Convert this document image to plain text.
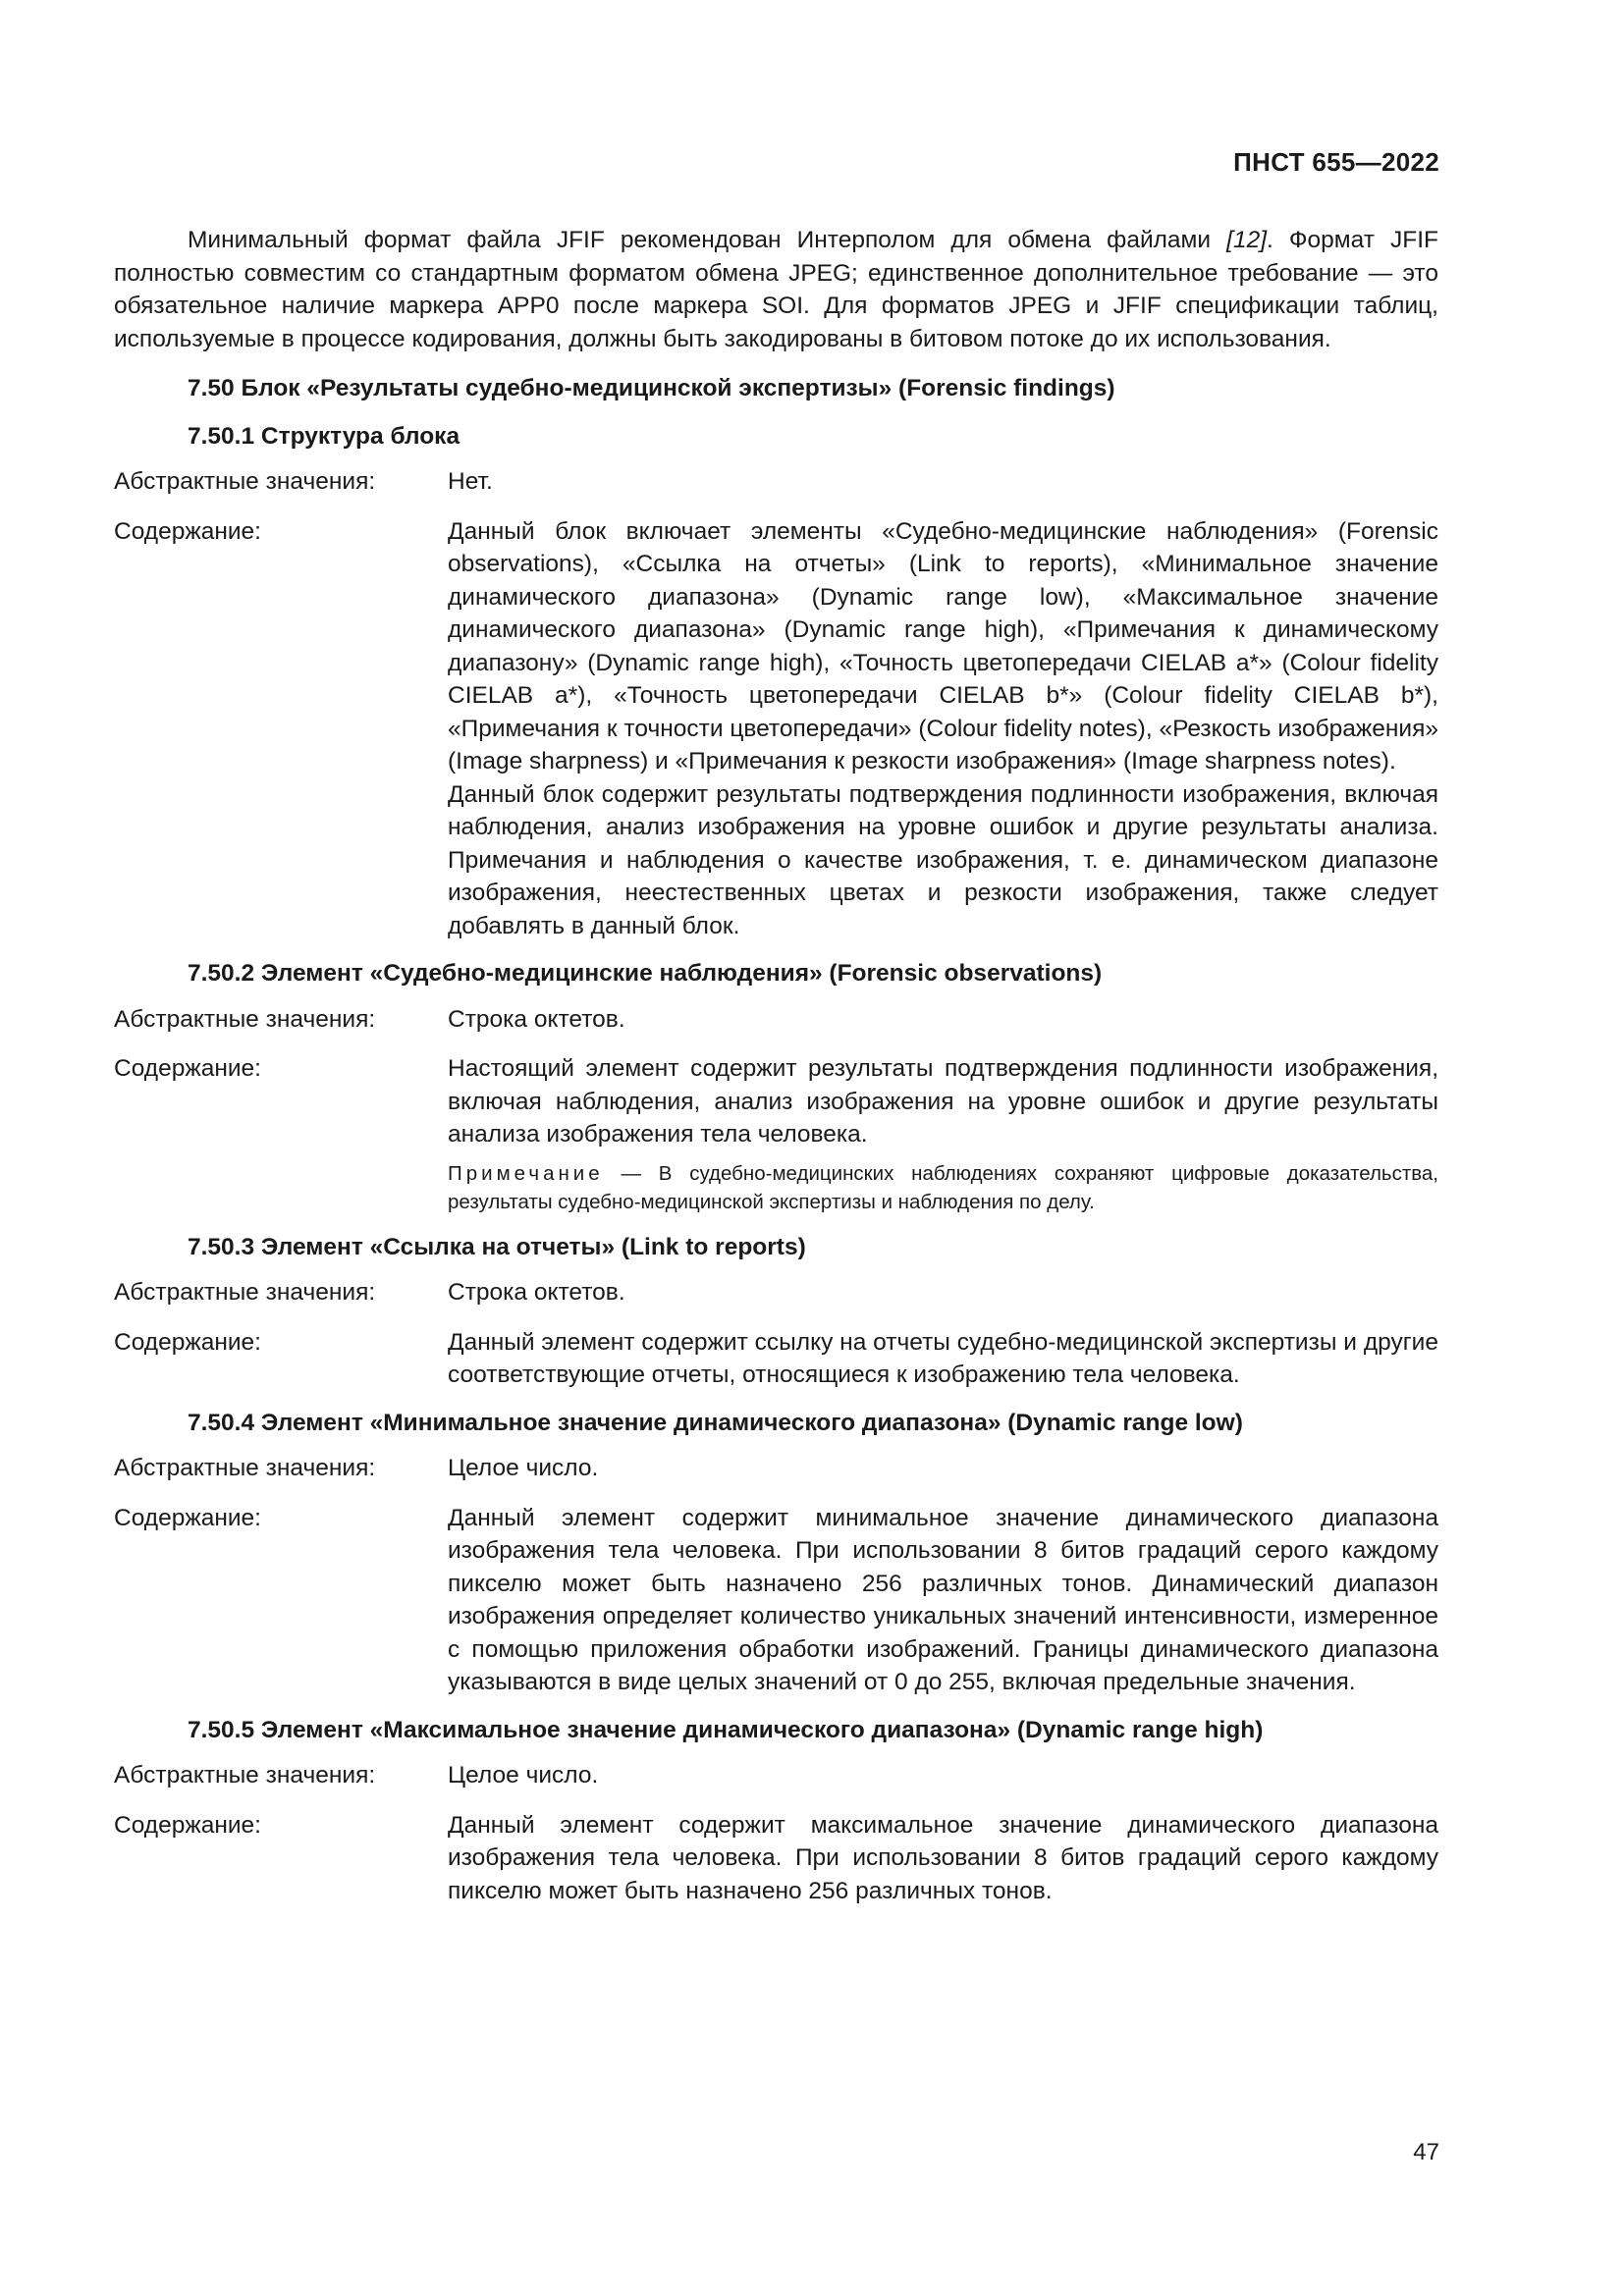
ПНСТ 655—2022

Минимальный формат файла JFIF рекомендован Интерполом для обмена файлами [12]. Формат JFIF полностью совместим со стандартным форматом обмена JPEG; единственное дополнительное требование — это обязательное наличие маркера APP0 после маркера SOI. Для форматов JPEG и JFIF спецификации таблиц, используемые в процессе кодирования, должны быть закодированы в битовом потоке до их использования.

7.50 Блок «Результаты судебно-медицинской экспертизы» (Forensic findings)

7.50.1 Структура блока

Абстрактные значения:	Нет.
Содержание:	Данный блок включает элементы «Судебно-медицинские наблюдения» (Forensic observations), «Ссылка на отчеты» (Link to reports), «Минимальное значение динамического диапазона» (Dynamic range low), «Максимальное значение динамического диапазона» (Dynamic range high), «Примечания к динамическому диапазону» (Dynamic range high), «Точность цветопередачи CIELAB a*» (Colour fidelity CIELAB a*), «Точность цветопередачи CIELAB b*» (Colour fidelity CIELAB b*), «Примечания к точности цветопередачи» (Colour fidelity notes), «Резкость изображения» (Image sharpness) и «Примечания к резкости изображения» (Image sharpness notes).

Данный блок содержит результаты подтверждения подлинности изображения, включая наблюдения, анализ изображения на уровне ошибок и другие результаты анализа. Примечания и наблюдения о качестве изображения, т. е. динамическом диапазоне изображения, неестественных цветах и резкости изображения, также следует добавлять в данный блок.

7.50.2 Элемент «Судебно-медицинские наблюдения» (Forensic observations)

Абстрактные значения:	Строка октетов.
Содержание:	Настоящий элемент содержит результаты подтверждения подлинности изображения, включая наблюдения, анализ изображения на уровне ошибок и другие результаты анализа изображения тела человека.

Примечание — В судебно-медицинских наблюдениях сохраняют цифровые доказательства, результаты судебно-медицинской экспертизы и наблюдения по делу.

7.50.3 Элемент «Ссылка на отчеты» (Link to reports)

Абстрактные значения:	Строка октетов.
Содержание:	Данный элемент содержит ссылку на отчеты судебно-медицинской экспертизы и другие соответствующие отчеты, относящиеся к изображению тела человека.

7.50.4 Элемент «Минимальное значение динамического диапазона» (Dynamic range low)

Абстрактные значения:	Целое число.
Содержание:	Данный элемент содержит минимальное значение динамического диапазона изображения тела человека. При использовании 8 битов градаций серого каждому пикселю может быть назначено 256 различных тонов. Динамический диапазон изображения определяет количество уникальных значений интенсивности, измеренное с помощью приложения обработки изображений. Границы динамического диапазона указываются в виде целых значений от 0 до 255, включая предельные значения.

7.50.5 Элемент «Максимальное значение динамического диапазона» (Dynamic range high)

Абстрактные значения:	Целое число.
Содержание:	Данный элемент содержит максимальное значение динамического диапазона изображения тела человека. При использовании 8 битов градаций серого каждому пикселю может быть назначено 256 различных тонов.

47
